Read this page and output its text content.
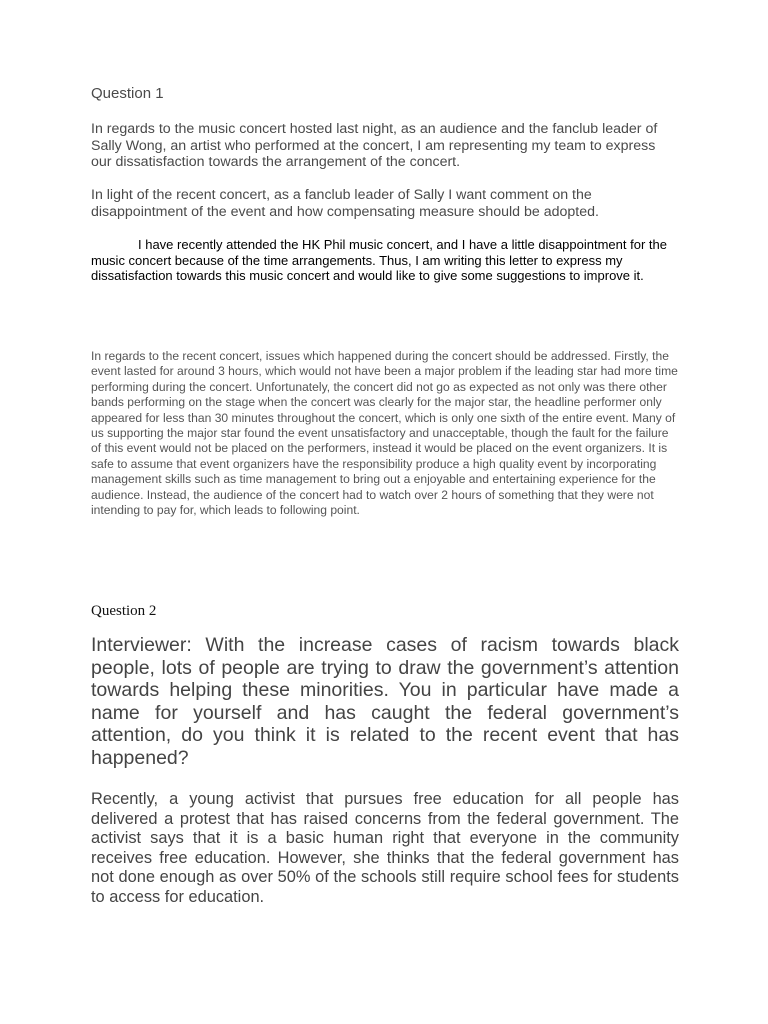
Question 1

In regards to the music concert hosted last night, as an audience and the fanclub leader of Sally Wong, an artist who performed at the concert, I am representing my team to express our dissatisfaction towards the arrangement of the concert.

In light of the recent concert, as a fanclub leader of Sally I want comment on the disappointment of the event and how compensating measure should be adopted.

I have recently attended the HK Phil music concert, and I have a little disappointment for the music concert because of the time arrangements. Thus, I am writing this letter to express my dissatisfaction towards this music concert and would like to give some suggestions to improve it.

In regards to the recent concert, issues which happened during the concert should be addressed. Firstly, the event lasted for around 3 hours, which would not have been a major problem if the leading star had more time performing during the concert. Unfortunately, the concert did not go as expected as not only was there other bands performing on the stage when the concert was clearly for the major star, the headline performer only appeared for less than 30 minutes throughout the concert, which is only one sixth of the entire event. Many of us supporting the major star found the event unsatisfactory and unacceptable, though the fault for the failure of this event would not be placed on the performers, instead it would be placed on the event organizers. It is safe to assume that event organizers have the responsibility produce a high quality event by incorporating management skills such as time management to bring out a enjoyable and entertaining experience for the audience. Instead, the audience of the concert had to watch over 2 hours of something that they were not intending to pay for, which leads to following point.

Question 2

Interviewer: With the increase cases of racism towards black people, lots of people are trying to draw the government’s attention towards helping these minorities. You in particular have made a name for yourself and has caught the federal government’s attention, do you think it is related to the recent event that has happened?

Recently, a young activist that pursues free education for all people has delivered a protest that has raised concerns from the federal government. The activist says that it is a basic human right that everyone in the community receives free education. However, she thinks that the federal government has not done enough as over 50% of the schools still require school fees for students to access for education.
